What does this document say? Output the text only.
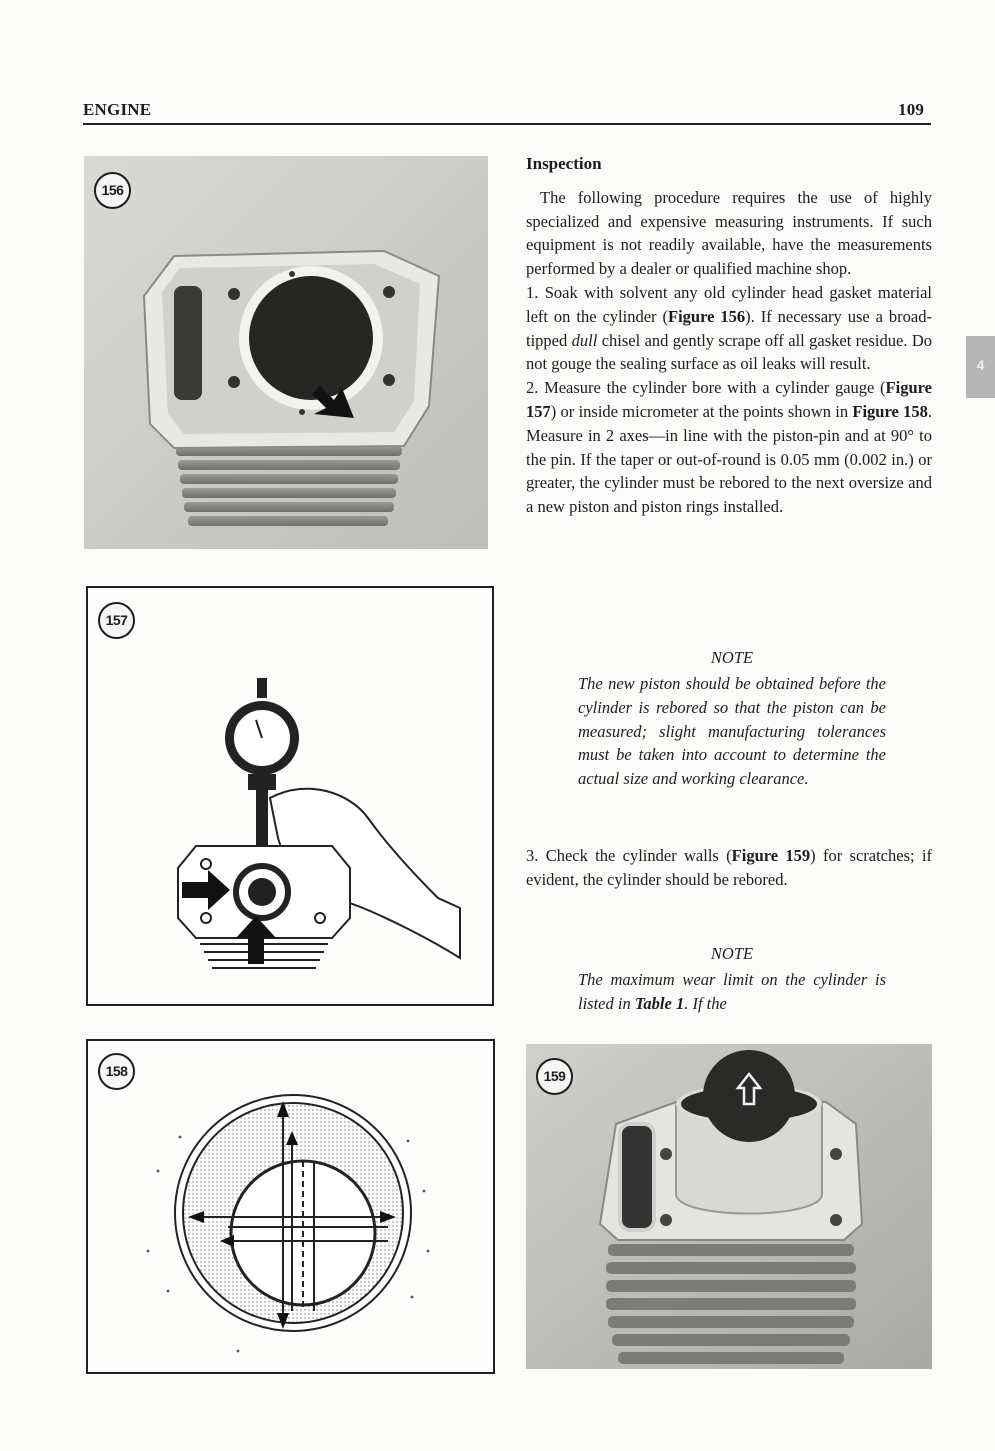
ENGINE	109
4
156
157
158	159

Inspection

The following procedure requires the use of highly specialized and expensive measuring instruments. If such equipment is not readily available, have the measurements performed by a dealer or qualified machine shop.

1. Soak with solvent any old cylinder head gasket material left on the cylinder (Figure 156). If necessary use a broad-tipped dull chisel and gently scrape off all gasket residue. Do not gouge the sealing surface as oil leaks will result.

2. Measure the cylinder bore with a cylinder gauge (Figure 157) or inside micrometer at the points shown in Figure 158. Measure in 2 axes—in line with the piston-pin and at 90° to the pin. If the taper or out-of-round is 0.05 mm (0.002 in.) or greater, the cylinder must be rebored to the next oversize and a new piston and piston rings installed.

NOTE
The new piston should be obtained before the cylinder is rebored so that the piston can be measured; slight manufacturing tolerances must be taken into account to determine the actual size and working clearance.

3. Check the cylinder walls (Figure 159) for scratches; if evident, the cylinder should be rebored.

NOTE
The maximum wear limit on the cylinder is listed in Table 1. If the
